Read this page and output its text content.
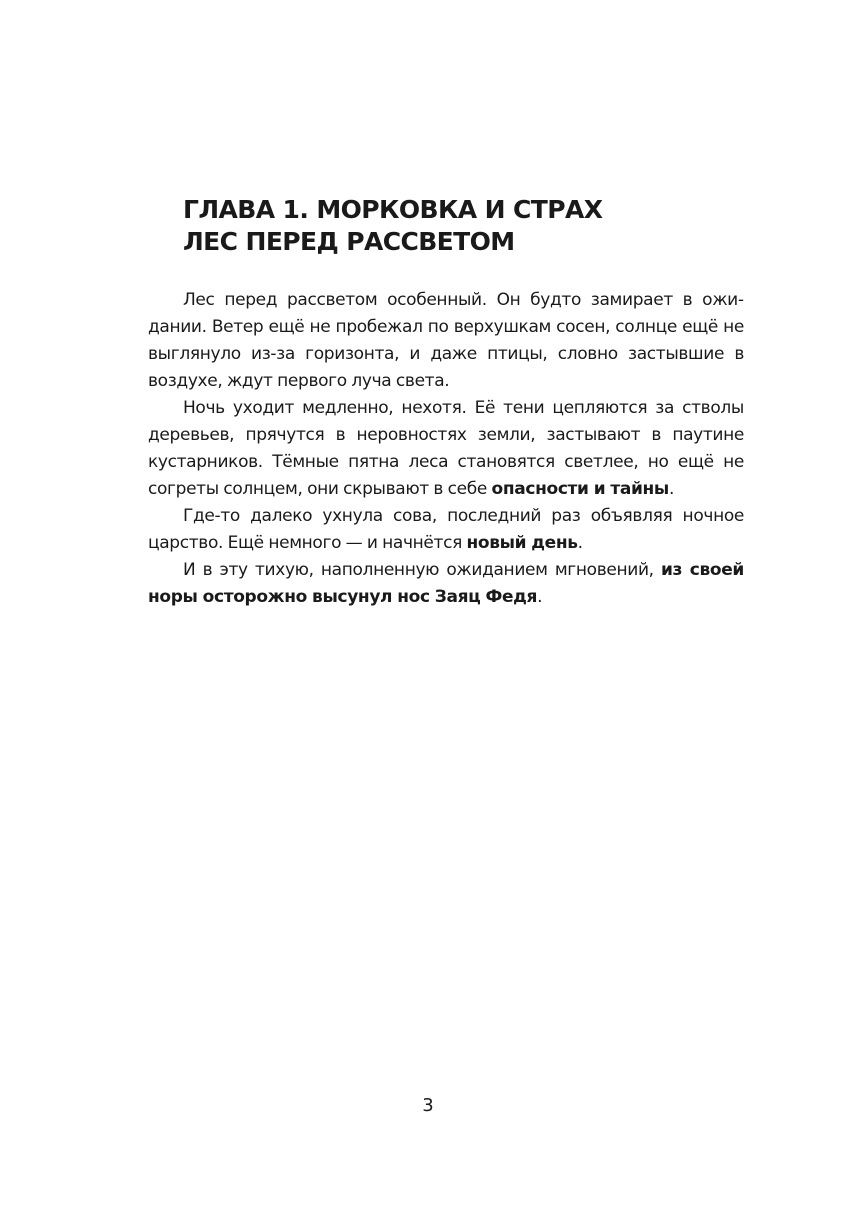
ГЛАВА 1. МОРКОВКА И СТРАХ
ЛЕС ПЕРЕД РАССВЕТОМ

Лес перед рассветом особенный. Он будто замирает в ожидании. Ветер ещё не пробежал по верхушкам сосен, солнце ещё не выглянуло из-за горизонта, и даже птицы, словно застывшие в воздухе, ждут первого луча света.

Ночь уходит медленно, нехотя. Её тени цепляются за стволы деревьев, прячутся в неровностях земли, застывают в паутине кустарников. Тёмные пятна леса становятся светлее, но ещё не согреты солнцем, они скрывают в себе опасности и тайны.

Где-то далеко ухнула сова, последний раз объявляя ночное царство. Ещё немного — и начнётся новый день.

И в эту тихую, наполненную ожиданием мгновений, из своей норы осторожно высунул нос Заяц Федя.

3
